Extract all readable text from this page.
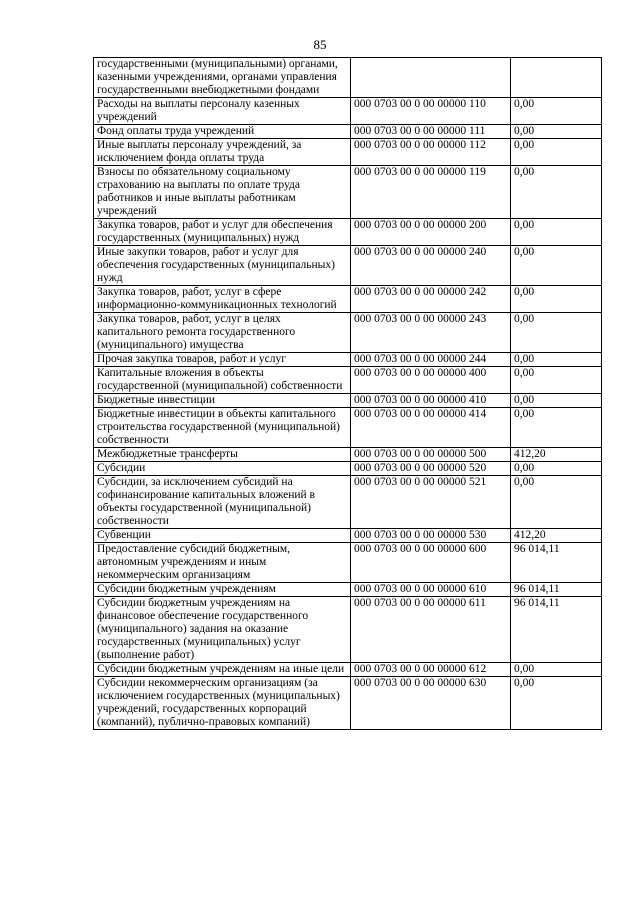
85
государственными (муниципальными) органами, казенными учреждениями, органами управления государственными внебюджетными фондами		
Расходы на выплаты персоналу казенных учреждений	000 0703 00 0 00 00000 110	0,00
Фонд оплаты труда учреждений	000 0703 00 0 00 00000 111	0,00
Иные выплаты персоналу учреждений, за исключением фонда оплаты труда	000 0703 00 0 00 00000 112	0,00
Взносы по обязательному социальному страхованию на выплаты по оплате труда работников и иные выплаты работникам учреждений	000 0703 00 0 00 00000 119	0,00
Закупка товаров, работ и услуг для обеспечения государственных (муниципальных) нужд	000 0703 00 0 00 00000 200	0,00
Иные закупки товаров, работ и услуг для обеспечения государственных (муниципальных) нужд	000 0703 00 0 00 00000 240	0,00
Закупка товаров, работ, услуг в сфере информационно-коммуникационных технологий	000 0703 00 0 00 00000 242	0,00
Закупка товаров, работ, услуг в целях капитального ремонта государственного (муниципального) имущества	000 0703 00 0 00 00000 243	0,00
Прочая закупка товаров, работ и услуг	000 0703 00 0 00 00000 244	0,00
Капитальные вложения в объекты государственной (муниципальной) собственности	000 0703 00 0 00 00000 400	0,00
Бюджетные инвестиции	000 0703 00 0 00 00000 410	0,00
Бюджетные инвестиции в объекты капитального строительства государственной (муниципальной) собственности	000 0703 00 0 00 00000 414	0,00
Межбюджетные трансферты	000 0703 00 0 00 00000 500	412,20
Субсидии	000 0703 00 0 00 00000 520	0,00
Субсидии, за исключением субсидий на софинансирование капитальных вложений в объекты государственной (муниципальной) собственности	000 0703 00 0 00 00000 521	0,00
Субвенции	000 0703 00 0 00 00000 530	412,20
Предоставление субсидий бюджетным, автономным учреждениям и иным некоммерческим организациям	000 0703 00 0 00 00000 600	96 014,11
Субсидии бюджетным учреждениям	000 0703 00 0 00 00000 610	96 014,11
Субсидии бюджетным учреждениям на финансовое обеспечение государственного (муниципального) задания на оказание государственных (муниципальных) услуг (выполнение работ)	000 0703 00 0 00 00000 611	96 014,11
Субсидии бюджетным учреждениям на иные цели	000 0703 00 0 00 00000 612	0,00
Субсидии некоммерческим организациям (за исключением государственных (муниципальных) учреждений, государственных корпораций (компаний), публично-правовых компаний)	000 0703 00 0 00 00000 630	0,00
